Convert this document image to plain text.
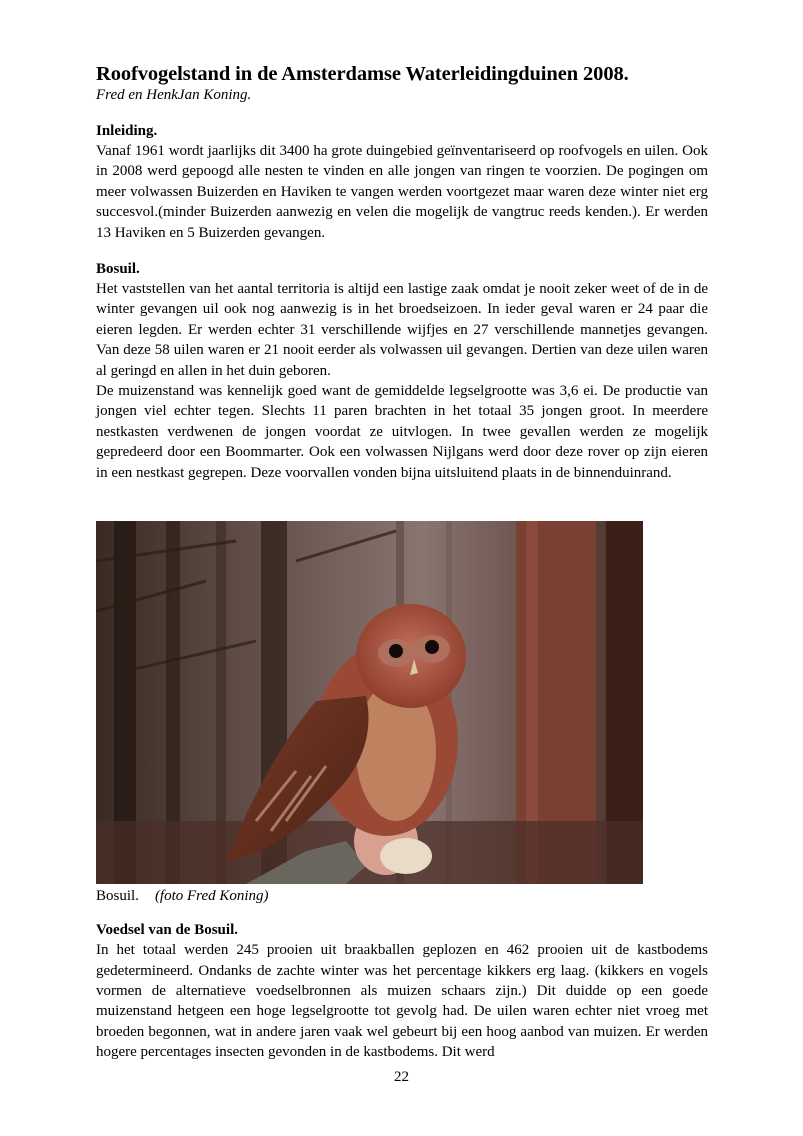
Roofvogelstand in de Amsterdamse Waterleidingduinen 2008.

Fred en HenkJan Koning.

Inleiding.

Vanaf 1961 wordt jaarlijks dit 3400 ha grote duingebied geïnventariseerd op roofvogels en uilen. Ook in 2008 werd gepoogd alle nesten te vinden en alle jongen van ringen te voorzien. De pogingen om meer volwassen Buizerden en Haviken te vangen werden voortgezet maar waren deze winter niet erg succesvol.(minder Buizerden aanwezig en velen die mogelijk de vangtruc reeds kenden.). Er werden 13 Haviken en 5 Buizerden gevangen.

Bosuil.

Het vaststellen van het aantal territoria is altijd een lastige zaak omdat je nooit zeker weet of de in de winter gevangen uil ook nog aanwezig is in het broedseizoen. In ieder geval waren er 24 paar die eieren legden. Er werden echter 31 verschillende wijfjes en 27 verschillende mannetjes gevangen. Van deze 58 uilen waren er 21 nooit eerder als volwassen uil gevangen. Dertien van deze uilen waren al geringd en allen in het duin geboren.

De muizenstand was kennelijk goed want de gemiddelde legselgrootte was 3,6 ei. De productie van jongen viel echter tegen. Slechts 11 paren brachten in het totaal 35 jongen groot. In meerdere nestkasten verdwenen de jongen voordat ze uitvlogen. In twee gevallen werden ze mogelijk gepredeerd door een Boommarter. Ook een volwassen Nijlgans werd door deze rover op zijn eieren in een nestkast gegrepen. Deze voorvallen vonden bijna uitsluitend plaats in de binnenduinrand.

Bosuil. (foto Fred Koning)

Voedsel van de Bosuil.

In het totaal werden 245 prooien uit braakballen geplozen en 462 prooien uit de kastbodems gedetermineerd. Ondanks de zachte winter was het percentage kikkers erg laag. (kikkers en vogels vormen de alternatieve voedselbronnen als muizen schaars zijn.) Dit duidde op een goede muizenstand hetgeen een hoge legselgrootte tot gevolg had. De uilen waren echter niet vroeg met broeden begonnen, wat in andere jaren vaak wel gebeurt bij een hoog aanbod van muizen. Er werden hogere percentages insecten gevonden in de kastbodems. Dit werd

22
